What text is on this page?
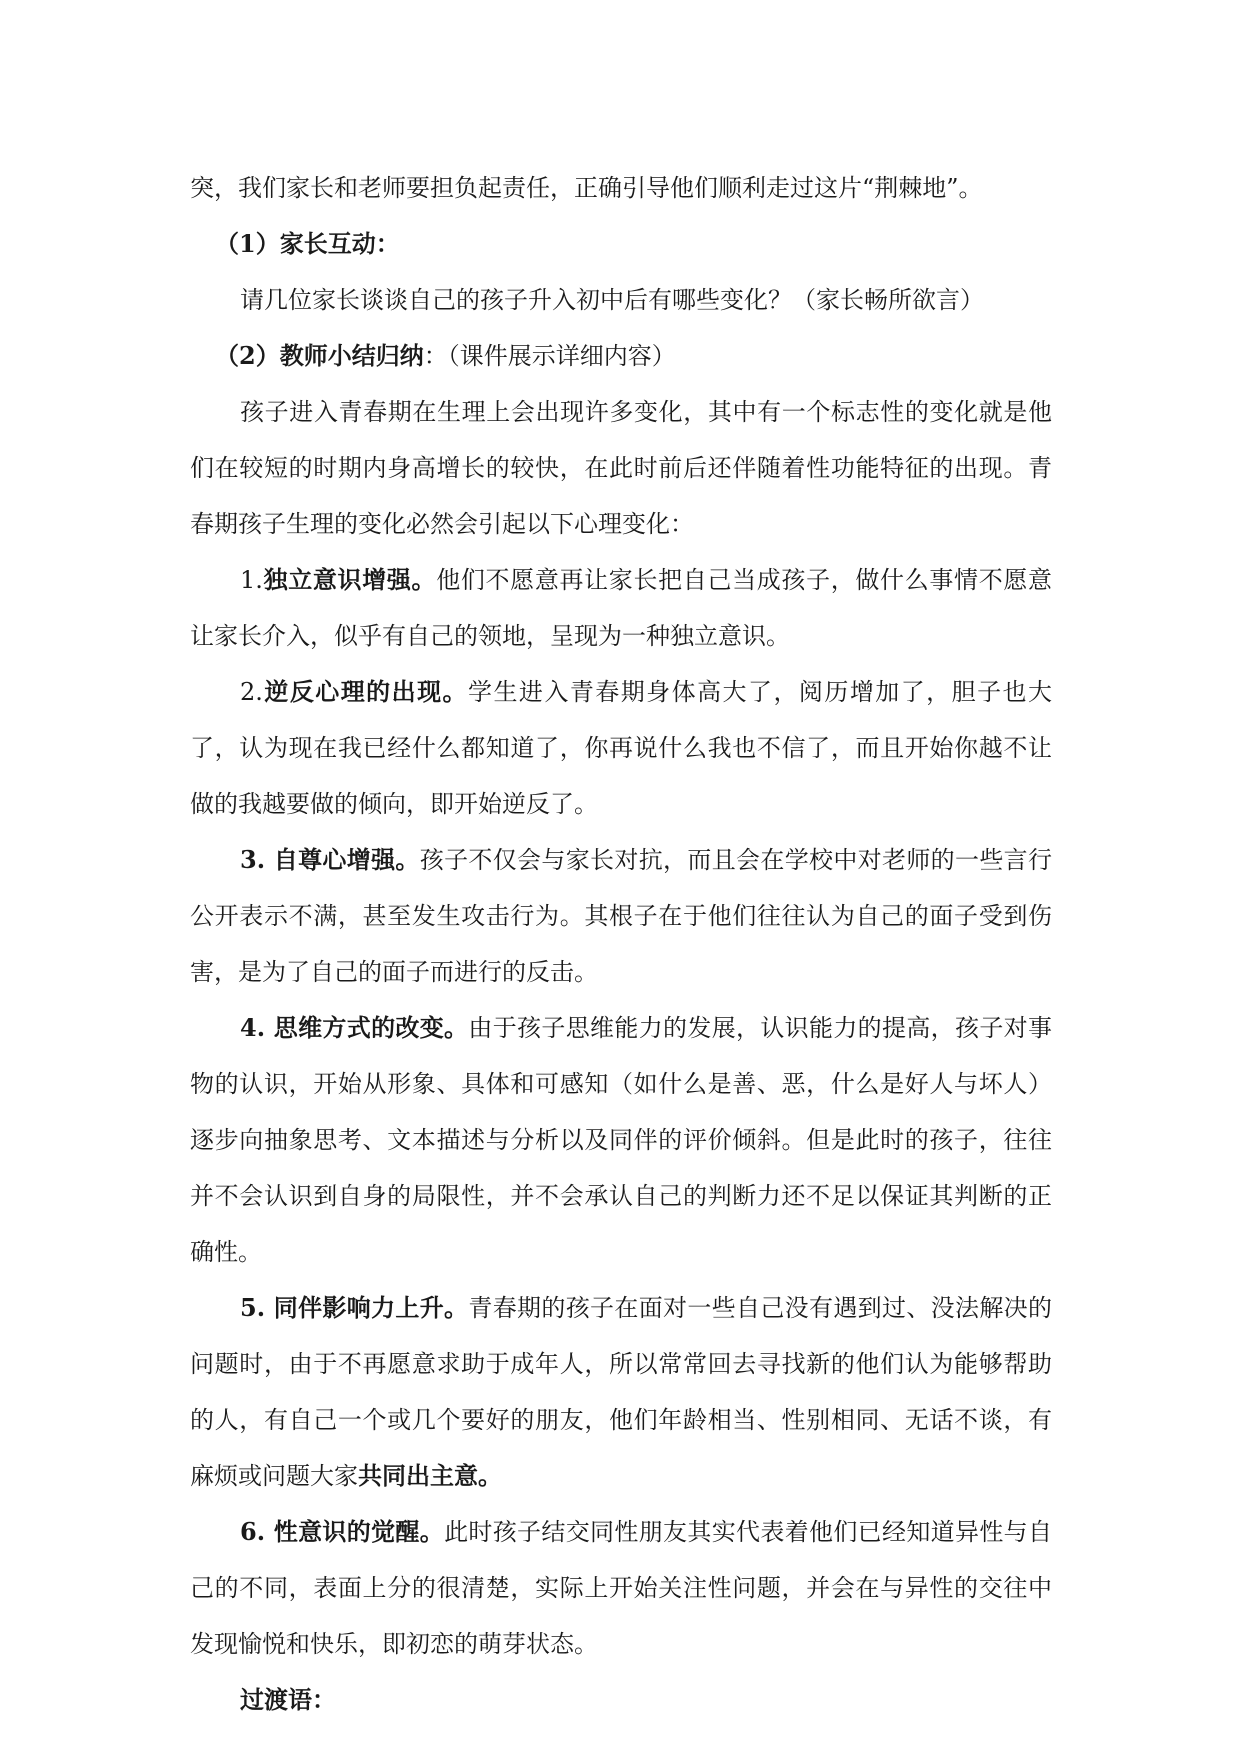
突，我们家长和老师要担负起责任，正确引导他们顺利走过这片“荆棘地”。

（1）家长互动：

请几位家长谈谈自己的孩子升入初中后有哪些变化？（家长畅所欲言）

（2）教师小结归纳：（课件展示详细内容）

孩子进入青春期在生理上会出现许多变化，其中有一个标志性的变化就是他们在较短的时期内身高增长的较快，在此时前后还伴随着性功能特征的出现。青春期孩子生理的变化必然会引起以下心理变化：

1.独立意识增强。他们不愿意再让家长把自己当成孩子，做什么事情不愿意让家长介入，似乎有自己的领地，呈现为一种独立意识。

2.逆反心理的出现。学生进入青春期身体高大了，阅历增加了，胆子也大了，认为现在我已经什么都知道了，你再说什么我也不信了，而且开始你越不让做的我越要做的倾向，即开始逆反了。

3. 自尊心增强。孩子不仅会与家长对抗，而且会在学校中对老师的一些言行公开表示不满，甚至发生攻击行为。其根子在于他们往往认为自己的面子受到伤害，是为了自己的面子而进行的反击。

4. 思维方式的改变。由于孩子思维能力的发展，认识能力的提高，孩子对事物的认识，开始从形象、具体和可感知（如什么是善、恶，什么是好人与坏人）逐步向抽象思考、文本描述与分析以及同伴的评价倾斜。但是此时的孩子，往往并不会认识到自身的局限性，并不会承认自己的判断力还不足以保证其判断的正确性。

5. 同伴影响力上升。青春期的孩子在面对一些自己没有遇到过、没法解决的问题时，由于不再愿意求助于成年人，所以常常回去寻找新的他们认为能够帮助的人，有自己一个或几个要好的朋友，他们年龄相当、性别相同、无话不谈，有麻烦或问题大家共同出主意。

6. 性意识的觉醒。此时孩子结交同性朋友其实代表着他们已经知道异性与自己的不同，表面上分的很清楚，实际上开始关注性问题，并会在与异性的交往中发现愉悦和快乐，即初恋的萌芽状态。

过渡语：
